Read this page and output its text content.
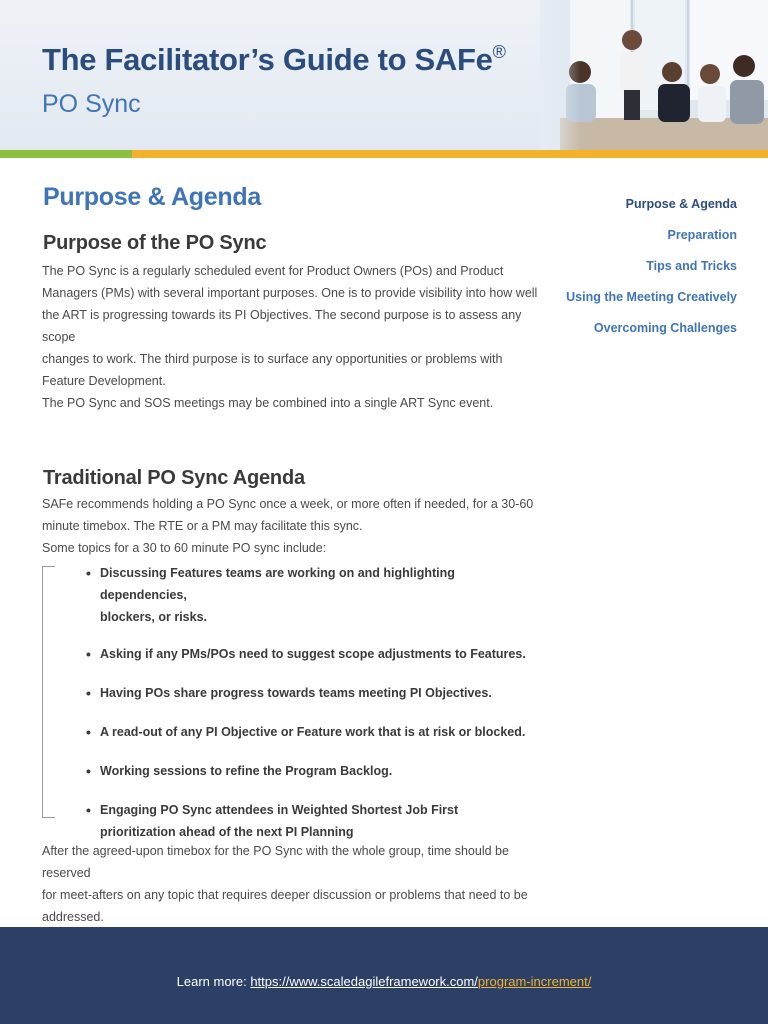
The Facilitator’s Guide to SAFe®
PO Sync
Purpose & Agenda
Purpose of the PO Sync

The PO Sync is a regularly scheduled event for Product Owners (POs) and Product
Managers (PMs) with several important purposes. One is to provide visibility into how well
the ART is progressing towards its PI Objectives. The second purpose is to assess any scope
changes to work. The third purpose is to surface any opportunities or problems with
Feature Development.

The PO Sync and SOS meetings may be combined into a single ART Sync event.

Traditional PO Sync Agenda

SAFe recommends holding a PO Sync once a week, or more often if needed, for a 30-60
minute timebox. The RTE or a PM may facilitate this sync.
Some topics for a 30 to 60 minute PO sync include:

• Discussing Features teams are working on and highlighting dependencies,
blockers, or risks.
• Asking if any PMs/POs need to suggest scope adjustments to Features.
• Having POs share progress towards teams meeting PI Objectives.
• A read-out of any PI Objective or Feature work that is at risk or blocked.
• Working sessions to refine the Program Backlog.
• Engaging PO Sync attendees in Weighted Shortest Job First
prioritization ahead of the next PI Planning

After the agreed-upon timebox for the PO Sync with the whole group, time should be reserved
for meet-afters on any topic that requires deeper discussion or problems that need to be
addressed.

Purpose & Agenda
Preparation
Tips and Tricks
Using the Meeting Creatively
Overcoming Challenges
Learn more: https://www.scaledagileframework.com/program-increment/
